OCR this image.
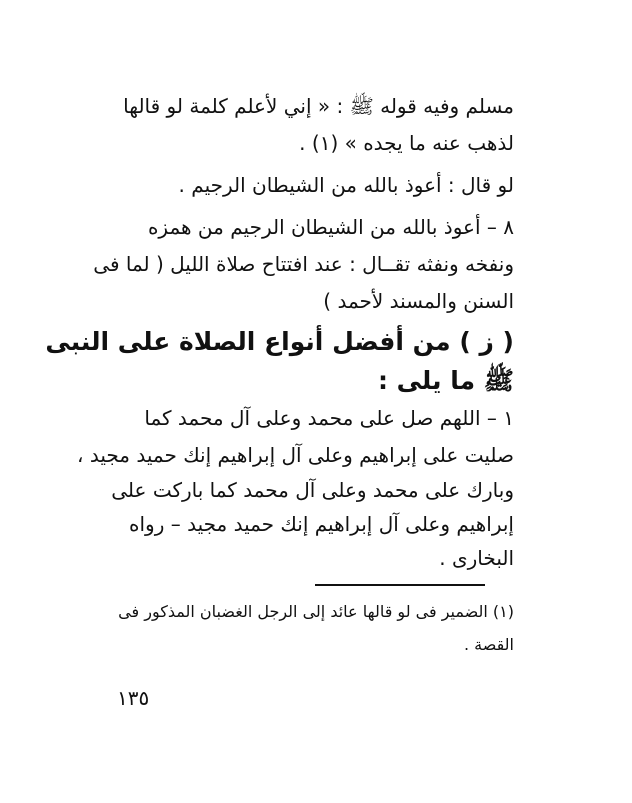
مسلم وفيه قوله ﷺ : « إني لأعلم كلمة لو قالها
لذهب عنه ما يجده » (١) .
لو قال : أعوذ بالله من الشيطان الرجيم .
٨ – أعوذ بالله من الشيطان الرجيم من همزه
ونفخه ونفثه تقــال : عند افتتاح صلاة الليل ( لما فى
السنن والمسند لأحمد )
( ز ) من أفضل أنواع الصلاة على النبى
ﷺ ما يلى :
١ – اللهم صل على محمد وعلى آل محمد كما
صليت على إبراهيم وعلى آل إبراهيم إنك حميد مجيد ،
وبارك على محمد وعلى آل محمد كما باركت على
إبراهيم وعلى آل إبراهيم إنك حميد مجيد – رواه
البخارى .
(١) الضمير فى لو قالها عائد إلى الرجل الغضبان المذكور فى
القصة .
١٣٥
